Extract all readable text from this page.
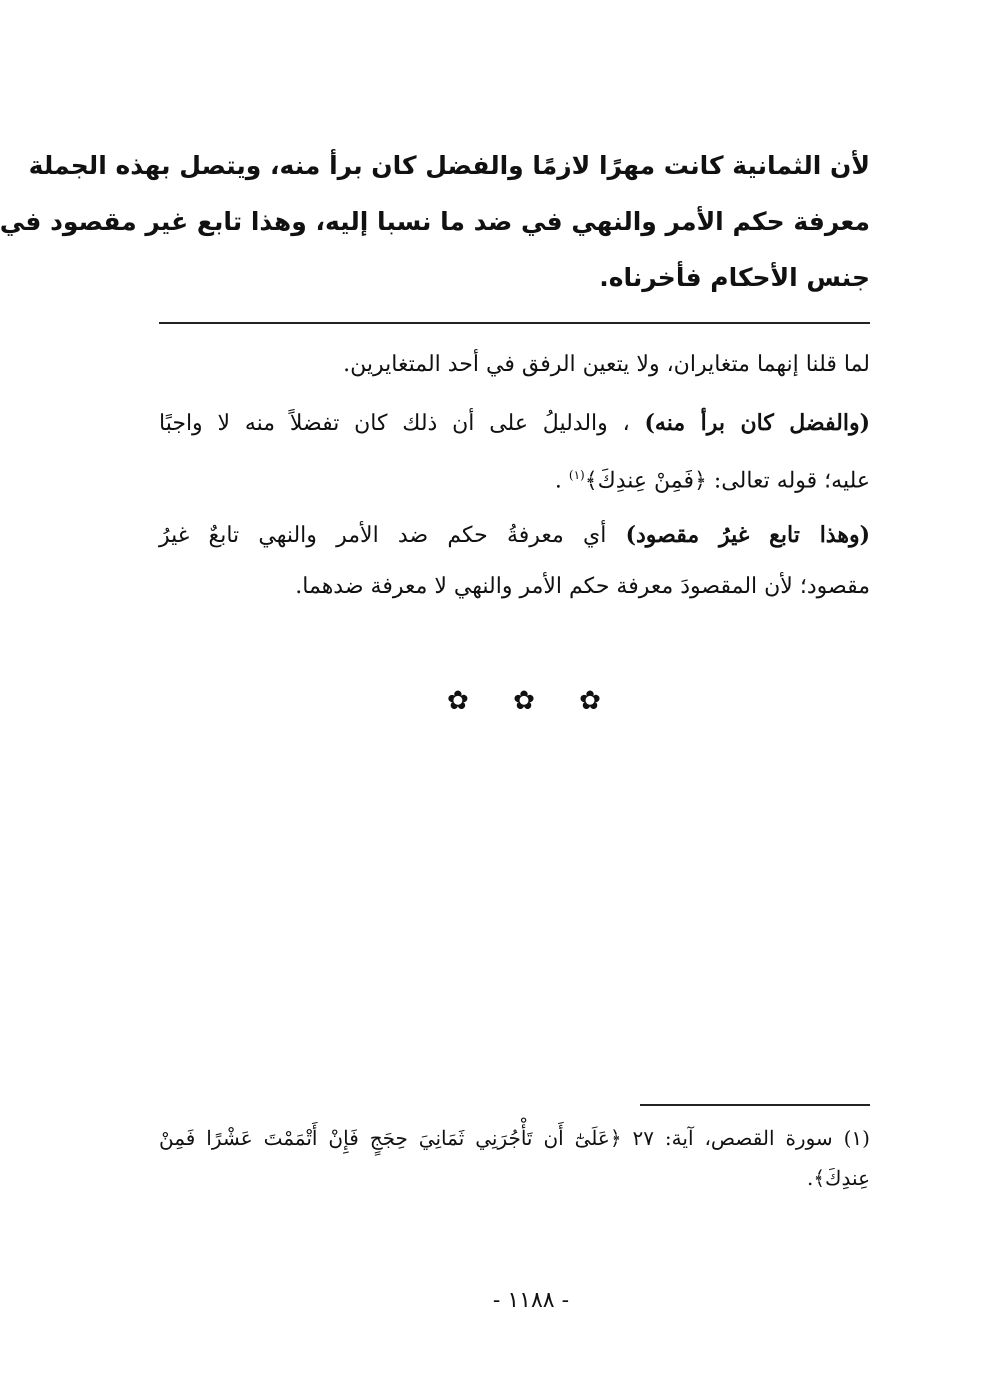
لأن الثمانية كانت مهرًا لازمًا والفضل كان برأ منه، ويتصل بهذه الجملة
معرفة حكم الأمر والنهي في ضد ما نسبا إليه، وهذا تابع غير مقصود في
جنس الأحكام فأخرناه.
لما قلنا إنهما متغايران، ولا يتعين الرفق في أحد المتغايرين.
(والفضل كان برأ منه) ، والدليلُ على أن ذلك كان تفضلاً منه لا واجبًا
عليه؛ قوله تعالى: ﴿فَمِنْ عِندِكَ﴾$^{(١)}$ .
(وهذا تابع غيرُ مقصود) أي معرفةُ حكم ضد الأمر والنهي تابعٌ غيرُ
مقصود؛ لأن المقصودَ معرفة حكم الأمر والنهي لا معرفة ضدهما.
✿ ✿ ✿
(١) سورة القصص، آية: ٢٧ ﴿عَلَىٰٓ أَن تَأْجُرَنِي ثَمَانِيَ حِجَجٍ فَإِنْ أَتْمَمْتَ عَشْرًا فَمِنْ
عِندِكَ﴾.
- ١١٨٨ -
